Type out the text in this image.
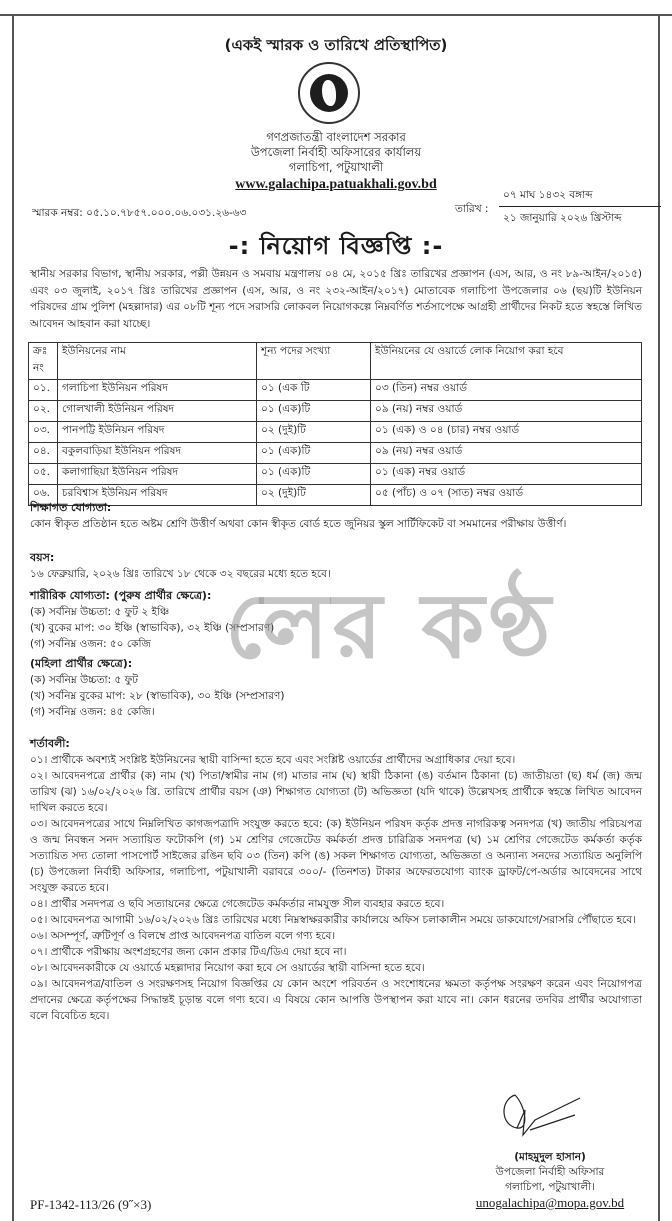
(একই স্মারক ও তারিখে প্রতিস্থাপিত)
গণপ্রজাতন্ত্রী বাংলাদেশ সরকার
উপজেলা নির্বাহী অফিসারের কার্যালয়
গলাচিপা, পটুয়াখালী
www.galachipa.patuakhali.gov.bd
স্মারক নম্বর: ০৫.১০.৭৮৫৭.০০০.০৬.০৩১.২৬-৬৩	তারিখ :
০৭ মাঘ ১৪৩২ বঙ্গাব্দ
২১ জানুয়ারি ২০২৬ খ্রিস্টাব্দ
-: নিয়োগ বিজ্ঞপ্তি :-
স্থানীয় সরকার বিভাগ, স্থানীয় সরকার, পল্লী উন্নয়ন ও সমবায় মন্ত্রণালয় ০৪ মে, ২০১৫ খ্রিঃ তারিখের প্রজ্ঞাপন (এস, আর, ও নং ৮৯-আইন/২০১৫) এবং ০৩ জুলাই, ২০১৭ খ্রিঃ তারিখের প্রজ্ঞাপন (এস, আর, ও নং ২৩২-আইন/২০১৭) মোতাবেক গলাচিপা উপজেলার ০৬ (ছয়)টি ইউনিয়ন পরিষদের গ্রাম পুলিশ (মহল্লাদার) এর ০৮টি শূন্য পদে সরাসরি লোকবল নিয়োগকল্পে নিম্নবর্ণিত শর্তসাপেক্ষে আগ্রহী প্রার্থীদের নিকট হতে স্বহস্তে লিখিত আবেদন আহবান করা যাচ্ছে।
ক্রঃ নং	ইউনিয়নের নাম	শূন্য পদের সংখ্যা	ইউনিয়নের যে ওয়ার্ডে লোক নিয়োগ করা হবে
০১.	গলাচিপা ইউনিয়ন পরিষদ	০১ (এক টি	০৩ (তিন) নম্বর ওয়ার্ড
০২.	গোলখালী ইউনিয়ন পরিষদ	০১ (এক)টি	০৯ (নয়) নম্বর ওয়ার্ড
০৩.	পানপট্টি ইউনিয়ন পরিষদ	০২ (দুই)টি	০১ (এক) ও ০৪ (চার) নম্বর ওয়ার্ড
০৪.	বকুলবাড়িয়া ইউনিয়ন পরিষদ	০১ (এক)টি	০৯ (নয়) নম্বর ওয়ার্ড
০৫.	কলাগাছিয়া ইউনিয়ন পরিষদ	০১ (এক)টি	০১ (এক) নম্বর ওয়ার্ড
০৬.	চরবিশ্বাস ইউনিয়ন পরিষদ	০২ (দুই)টি	০৫ (পাঁচ) ও ০৭ (সাত) নম্বর ওয়ার্ড
শিক্ষাগত যোগ্যতা:
কোন স্বীকৃত প্রতিষ্ঠান হতে অষ্টম শ্রেণি উত্তীর্ণ অথবা কোন স্বীকৃত বোর্ড হতে জুনিয়র স্কুল সার্টিফিকেট বা সমমানের পরীক্ষায় উত্তীর্ণ।
বয়স:
১৬ ফেব্রুয়ারি, ২০২৬ খ্রিঃ তারিখে ১৮ থেকে ৩২ বছরের মধ্যে হতে হবে।
শারীরিক যোগ্যতা: (পুরুষ প্রার্থীর ক্ষেত্রে):
(ক) সর্বনিম্ন উচ্চতা: ৫ ফুট ২ ইঞ্চি
(খ) বুকের মাপ: ৩০ ইঞ্চি (স্বাভাবিক), ৩২ ইঞ্চি (সম্প্রসারণ)
(গ) সর্বনিম্ন ওজন: ৫০ কেজি
(মহিলা প্রার্থীর ক্ষেত্রে):
(ক) সর্বনিম্ন উচ্চতা: ৫ ফুট
(খ) সর্বনিম্ন বুকের মাপ: ২৮ (স্বাভাবিক), ৩০ ইঞ্চি (সম্প্রসারণ)
(গ) সর্বনিম্ন ওজন: ৪৫ কেজি।
শর্তাবলী:

০১। প্রার্থীকে অবশ্যই সংশ্লিষ্ট ইউনিয়নের স্থায়ী বাসিন্দা হতে হবে এবং সংশ্লিষ্ট ওয়ার্ডের প্রার্থীদের অগ্রাধিকার দেয়া হবে।

০২। আবেদনপত্রে প্রার্থীর (ক) নাম (খ) পিতা/স্বামীর নাম (গ) মাতার নাম (ঘ) স্থায়ী ঠিকানা (ঙ) বর্তমান ঠিকানা (চ) জাতীয়তা (ছ) ধর্ম (জ) জন্ম তারিখ (ঝ) ১৬/০২/২০২৬ খ্রি. তারিখে প্রার্থীর বয়স (ঞ) শিক্ষাগত যোগ্যতা (ট) অভিজ্ঞতা (যদি থাকে) উল্লেখসহ প্রার্থীকে স্বহস্তে লিখিত আবেদন দাখিল করতে হবে।

০৩। আবেদনপত্রের সাথে নিম্নলিখিত কাগজপত্রাদি সংযুক্ত করতে হবে: (ক) ইউনিয়ন পরিষদ কর্তৃক প্রদত্ত নাগরিকত্ব সনদপত্র (খ) জাতীয় পরিচয়পত্র ও জন্ম নিবন্ধন সনদ সত্যায়িত ফটোকপি (গ) ১ম শ্রেণির গেজেটেড কর্মকর্তা প্রদত্ত চারিত্রিক সনদপত্র (ঘ) ১ম শ্রেণির গেজেটেড কর্মকর্তা কর্তৃক সত্যায়িত সদ্য তোলা পাসপোর্ট সাইজের রঙিন ছবি ০৩ (তিন) কপি (ঙ) সকল শিক্ষাগত যোগ্যতা, অভিজ্ঞতা ও অন্যান্য সনদের সত্যায়িত অনুলিপি (চ) উপজেলা নির্বাহী অফিসার, গলাচিপা, পটুয়াখালী বরাবরে ৩০০/- (তিনশত) টাকার অফেরতযোগ্য ব্যাংক ড্রাফট/পে-অর্ডার আবেদনের সাথে সংযুক্ত করতে হবে।

০৪। প্রার্থীর সনদপত্র ও ছবি সত্যায়নের ক্ষেত্রে গেজেটেড কর্মকর্তার নামযুক্ত সীল ব্যবহার করতে হবে।

০৫। আবেদনপত্র আগামী ১৬/০২/২০২৬ খ্রিঃ তারিখের মধ্যে নিম্নস্বাক্ষরকারীর কার্যালয়ে অফিস চলাকালীন সময়ে ডাকযোগে/সরাসরি পৌঁছাতে হবে।

০৬। অসম্পূর্ণ, ত্রুটিপূর্ণ ও বিলম্বে প্রাপ্ত আবেদনপত্র বাতিল বলে গণ্য হবে।

০৭। প্রার্থীকে পরীক্ষায় অংশগ্রহণের জন্য কোন প্রকার টিএ/ডিএ দেয়া হবে না।

০৮। আবেদনকারীকে যে ওয়ার্ডে মহল্লাদার নিয়োগ করা হবে সে ওয়ার্ডের স্থায়ী বাসিন্দা হতে হবে।

০৯। আবেদনপত্র/বাতিল ও সংরক্ষণসহ নিয়োগ বিজ্ঞপ্তির যে কোন অংশে পরিবর্তন ও সংশোধনের ক্ষমতা কর্তৃপক্ষ সংরক্ষণ করেন এবং নিয়োগপত্র প্রদানের ক্ষেত্রে কর্তৃপক্ষের সিদ্ধান্তই চূড়ান্ত বলে গণ্য হবে। এ বিষয়ে কোন আপত্তি উপস্থাপন করা যাবে না। কোন ধরনের তদবির প্রার্থীর অযোগ্যতা বলে বিবেচিত হবে।

লের কণ্ঠ
(মাহমুদুল হাসান)
উপজেলা নির্বাহী অফিসার
গলাচিপা, পটুয়াখালী।
unogalachipa@mopa.gov.bd
PF-1342-113/26 (9˝×3)
